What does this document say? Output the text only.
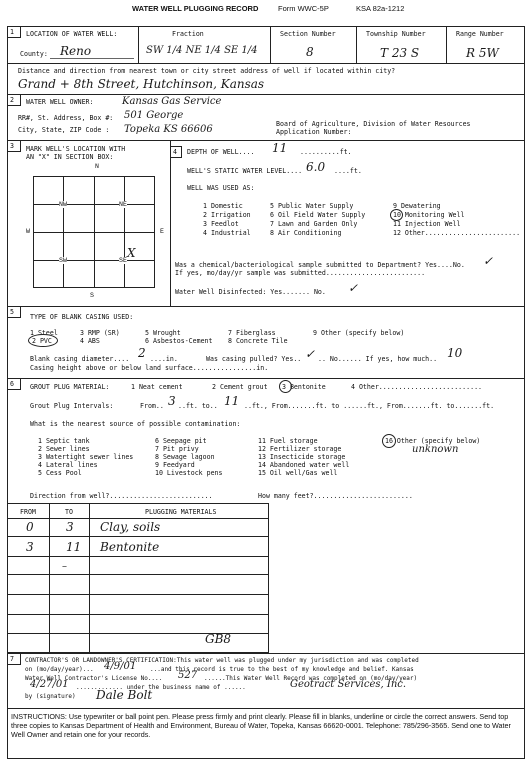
WATER WELL PLUGGING RECORD	Form WWC-5P	KSA 82a-1212
1 LOCATION OF WATER WELL:
County: Reno
Fraction
SW 1/4 NE 1/4 SE 1/4
Section Number
8
Township Number
T 23 S
Range Number
R 5W
Distance and direction from nearest town or city street address of well if located within city?
Grand + 8th Street, Hutchinson, Kansas
2 WATER WELL OWNER:	Kansas Gas Service
RR#, St. Address, Box #: 501 George
City, State, ZIP Code : Topeka KS 66606	Board of Agriculture, Division of Water Resources
Application Number:
3 MARK WELL'S LOCATION WITH
AN "X" IN SECTION BOX:
N
S
W	E
NW	NE
SW	SE
X
4 DEPTH OF WELL.... 11 ..........ft.
WELL'S STATIC WATER LEVEL.... 6.0 ....ft.
WELL WAS USED AS:
1 Domestic
2 Irrigation
3 Feedlot
4 Industrial
5 Public Water Supply
6 Oil Field Water Supply
7 Lawn and Garden Only
8 Air Conditioning
9 Dewatering
10 Monitoring Well
11 Injection Well
12 Other........................
Was a chemical/bacteriological sample submitted to Department? Yes....No. ✓
If yes, mo/day/yr sample was submitted.........................
Water Well Disinfected: Yes....... No. ✓
5
TYPE OF BLANK CASING USED:
1 Steel
2 PVC
3 RMP (SR)
4 ABS
5 Wrought
6 Asbestos-Cement
7 Fiberglass
8 Concrete Tile
9 Other (specify below)
Blank casing diameter.... 2 ....in.	Was casing pulled? Yes.. ✓ .. No...... If yes, how much.. 10
Casing height above or below land surface................in.
6 GROUT PLUG MATERIAL:	1 Neat cement	2 Cement grout 3 Bentonite	4 Other..........................
Grout Plug Intervals:	From.. 3 ..ft. to.. 11 ..ft., From.......ft. to ......ft., From.......ft. to.......ft.
What is the nearest source of possible contamination:
1 Septic tank
2 Sewer lines
3 Watertight sewer lines
4 Lateral lines
5 Cess Pool
6 Seepage pit
7 Pit privy
8 Sewage lagoon
9 Feedyard
10 Livestock pens
11 Fuel storage
12 Fertilizer storage
13 Insecticide storage
14 Abandoned water well
15 Oil well/Gas well
16 Other (specify below)
unknown
Direction from well?..........................	How many feet?.........................
FROM	TO	PLUGGING MATERIALS
0	3 Clay, soils
3	11 Bentonite
–
GB8
7 CONTRACTOR'S OR LANDOWNER'S CERTIFICATION:This water well was plugged under my jurisdiction and was completed
on (mo/day/year)... 4/9/01 ...and this record is true to the best of my knowledge and belief. Kansas
Water Well Contractor's License No.... 527 ......This Water Well Record was completed on (mo/day/year)
4/27/01 ............. under the business name of ......	Geotract Services, Inc.
by (signature) Dale Bolt
INSTRUCTIONS: Use typewriter or ball point pen. Please press firmly and print clearly. Please fill in blanks, underline or circle the correct answers. Send top three copies to Kansas Department of Health and Environment, Bureau of Water, Topeka, Kansas 66620-0001. Telephone: 785/296-3565. Send one to Water Well Owner and retain one for your records.
